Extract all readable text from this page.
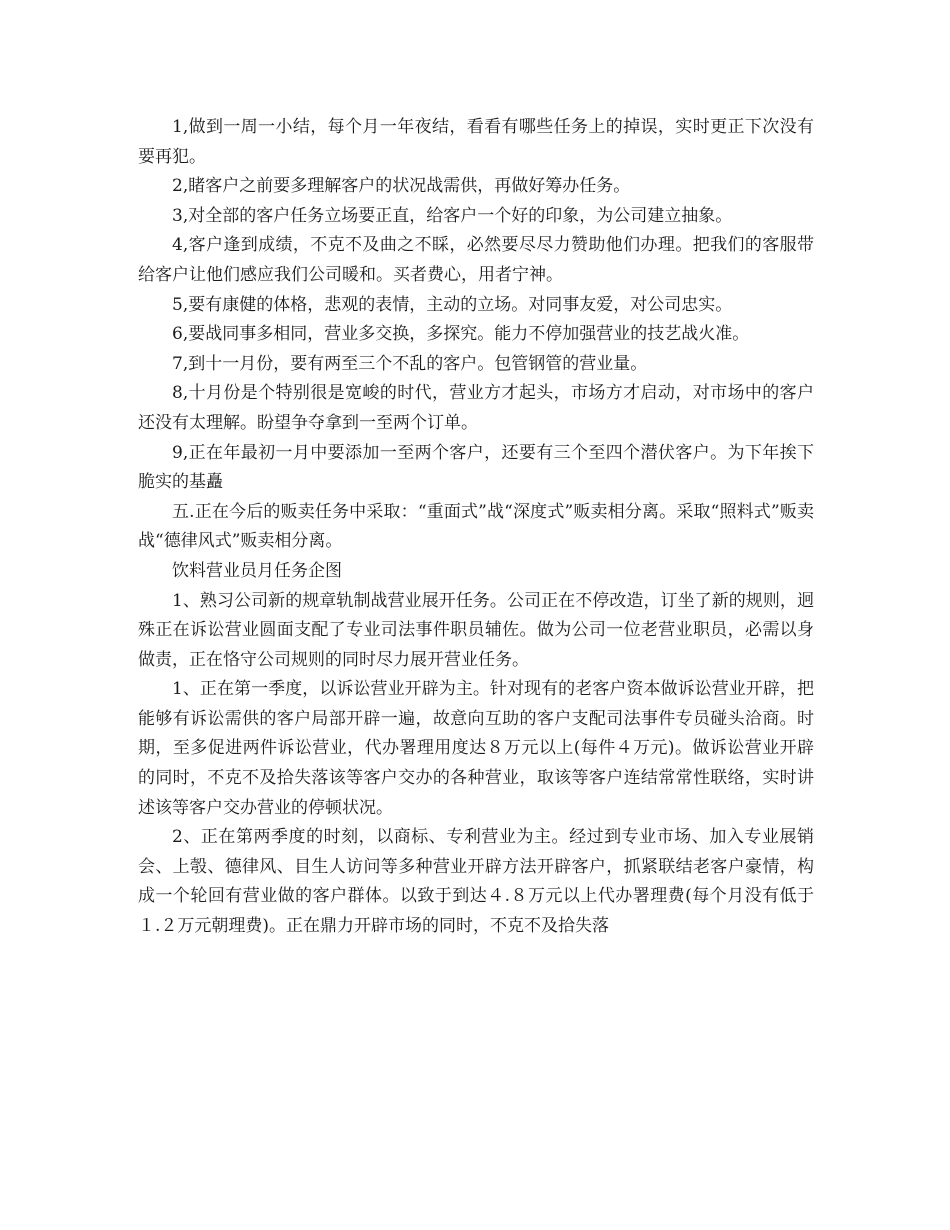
1,做到一周一小结，每个月一年夜结，看看有哪些任务上的掉误，实时更正下次没有要再犯。

2,睹客户之前要多理解客户的状况战需供，再做好筹办任务。

3,对全部的客户任务立场要正直，给客户一个好的印象，为公司建立抽象。

4,客户逢到成绩，不克不及曲之不睬，必然要尽尽力赞助他们办理。把我们的客服带给客户让他们感应我们公司暖和。买者费心，用者宁神。

5,要有康健的体格，悲观的表情，主动的立场。对同事友爱，对公司忠实。

6,要战同事多相同，营业多交换，多探究。能力不停加强营业的技艺战火准。

7,到十一月份，要有两至三个不乱的客户。包管钢管的营业量。

8,十月份是个特别很是宽峻的时代，营业方才起头，市场方才启动，对市场中的客户还没有太理解。盼望争夺拿到一至两个订单。

9,正在年最初一月中要添加一至两个客户，还要有三个至四个潜伏客户。为下年挨下脆实的基矗

五.正在今后的贩卖任务中采取：“重面式”战“深度式”贩卖相分离。采取“照料式”贩卖战“德律风式”贩卖相分离。

饮料营业员月任务企图

1、熟习公司新的规章轨制战营业展开任务。公司正在不停改造，订坐了新的规则，迥殊正在诉讼营业圆面支配了专业司法事件职员辅佐。做为公司一位老营业职员，必需以身做责，正在恪守公司规则的同时尽力展开营业任务。

1、正在第一季度，以诉讼营业开辟为主。针对现有的老客户资本做诉讼营业开辟，把能够有诉讼需供的客户局部开辟一遍，故意向互助的客户支配司法事件专员碰头洽商。时期，至多促进两件诉讼营业，代办署理用度达８万元以上(每件４万元)。做诉讼营业开辟的同时，不克不及拾失落该等客户交办的各种营业，取该等客户连结常常性联络，实时讲述该等客户交办营业的停顿状况。

2、正在第两季度的时刻，以商标、专利营业为主。经过到专业市场、加入专业展销会、上彀、德律风、目生人访问等多种营业开辟方法开辟客户，抓紧联结老客户豪情，构成一个轮回有营业做的客户群体。以致于到达４.８万元以上代办署理费(每个月没有低于１.２万元朝理费)。正在鼎力开辟市场的同时，不克不及拾失落
